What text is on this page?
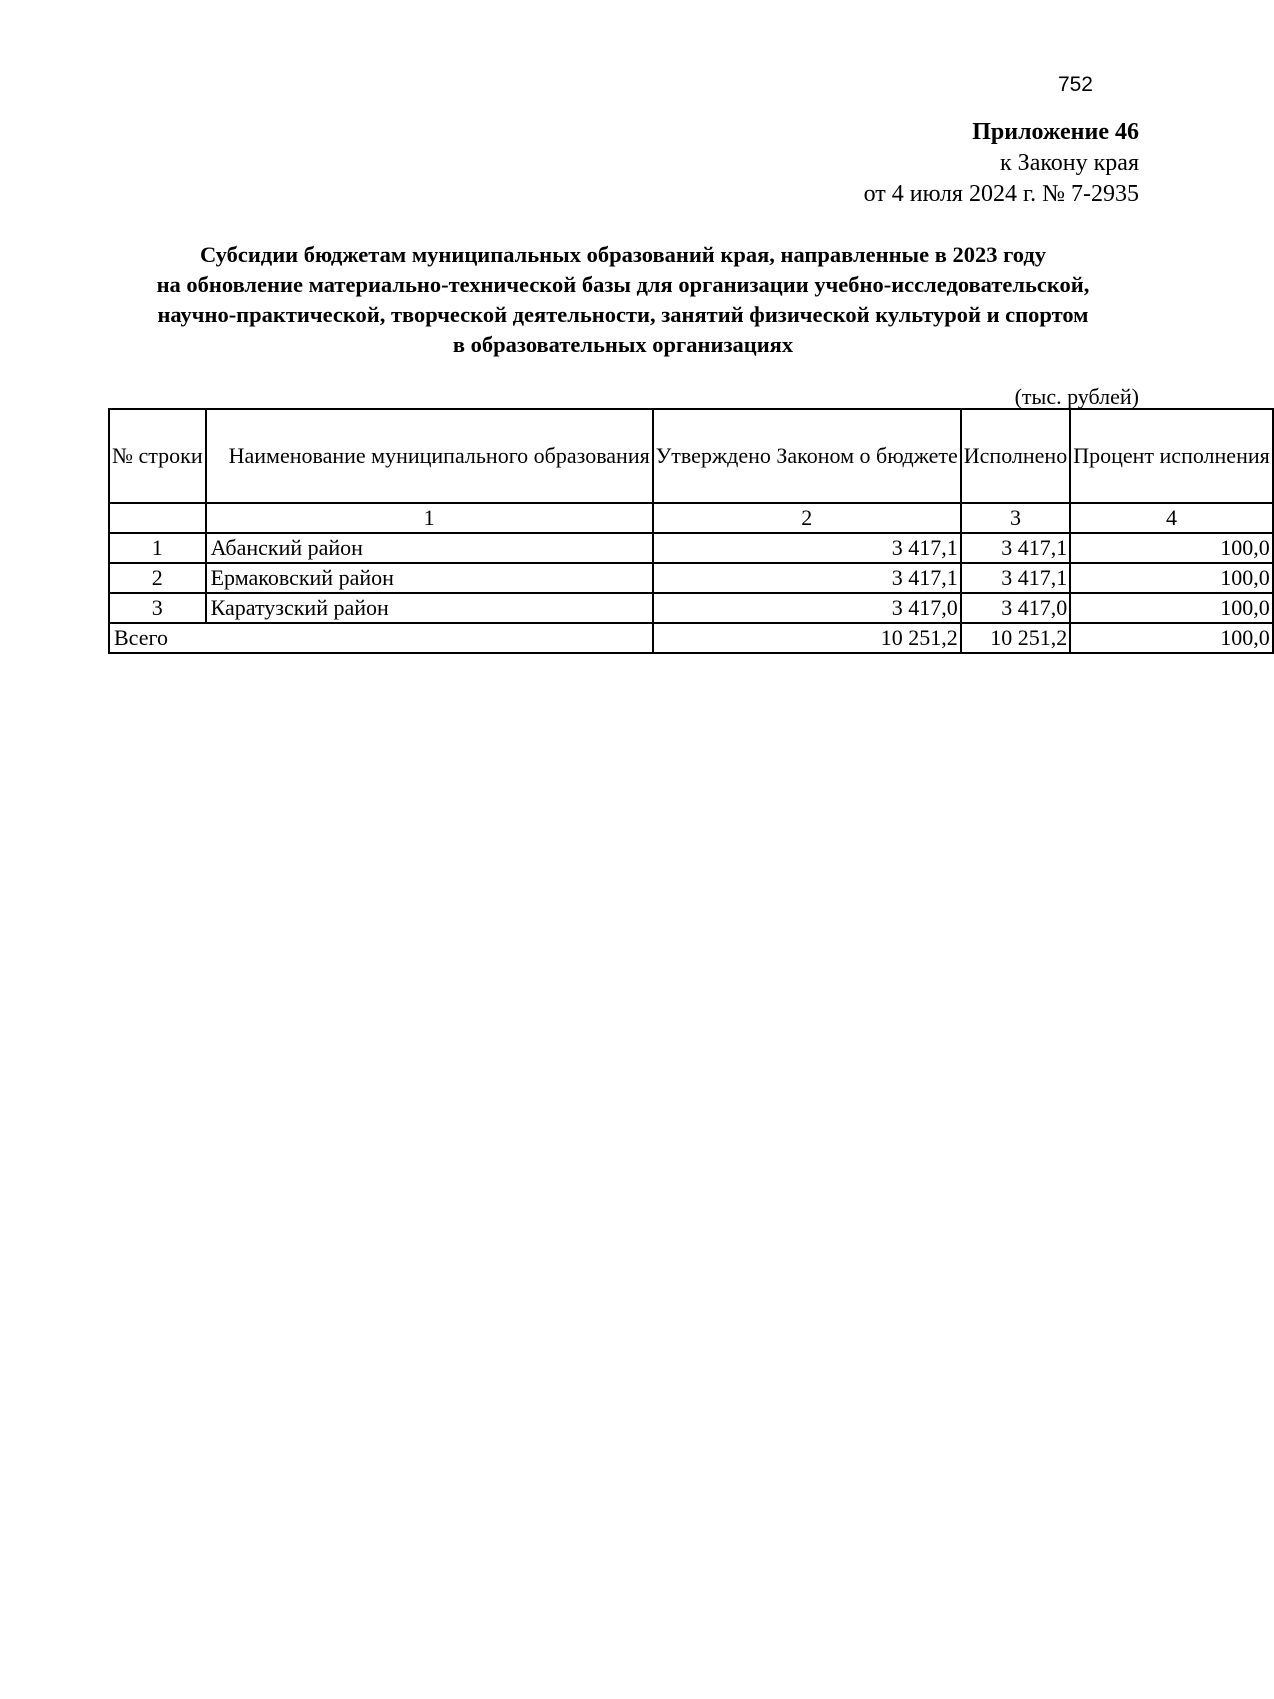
752
Приложение 46
к Закону края
от 4 июля 2024 г. № 7-2935
Субсидии бюджетам муниципальных образований края, направленные в 2023 году
на обновление материально-технической базы для организации учебно-исследовательской,
научно-практической, творческой деятельности, занятий физической культурой и спортом
в образовательных организациях
(тыс. рублей)
№ строки	Наименование муниципального образования	Утверждено Законом о бюджете	Исполнено	Процент исполнения
	1	2	3	4
1	Абанский район	3 417,1	3 417,1	100,0
2	Ермаковский район	3 417,1	3 417,1	100,0
3	Каратузский район	3 417,0	3 417,0	100,0
Всего		10 251,2	10 251,2	100,0
